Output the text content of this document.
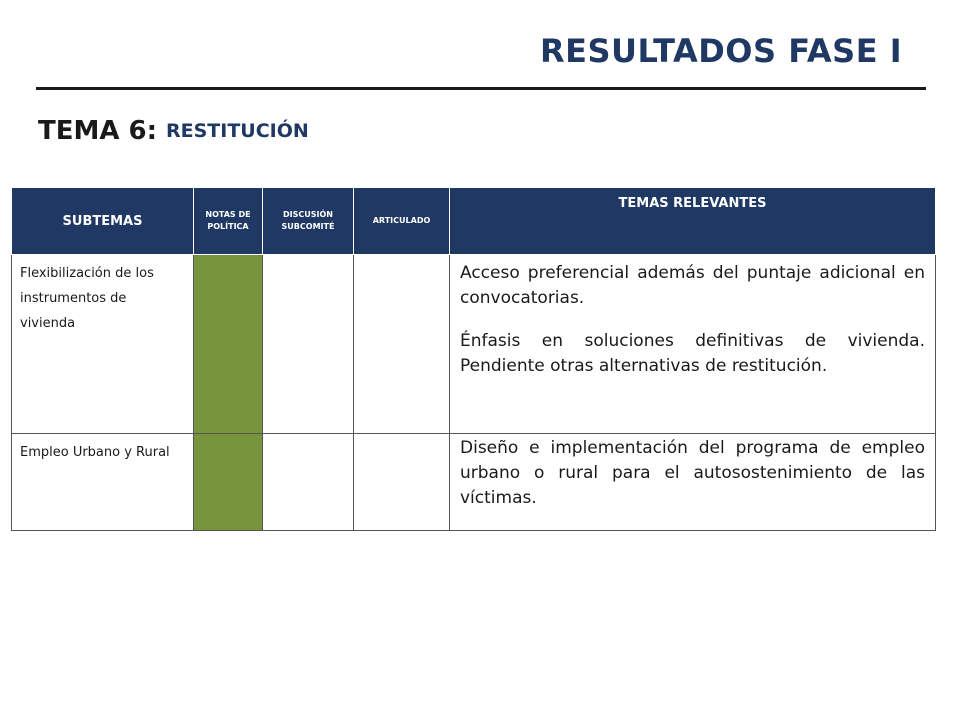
RESULTADOS FASE I
TEMA 6: RESTITUCIÓN
SUBTEMAS	NOTAS DE POLÍTICA	DISCUSIÓN SUBCOMITÉ	ARTICULADO	TEMAS RELEVANTES

Flexibilización de los instrumentos de vivienda				Acceso preferencial además del puntaje adicional en convocatorias.
Énfasis en soluciones definitivas de vivienda. Pendiente otras alternativas de restitución.

Empleo Urbano y Rural				Diseño e implementación del programa de empleo urbano o rural para el autosostenimiento de las víctimas.
